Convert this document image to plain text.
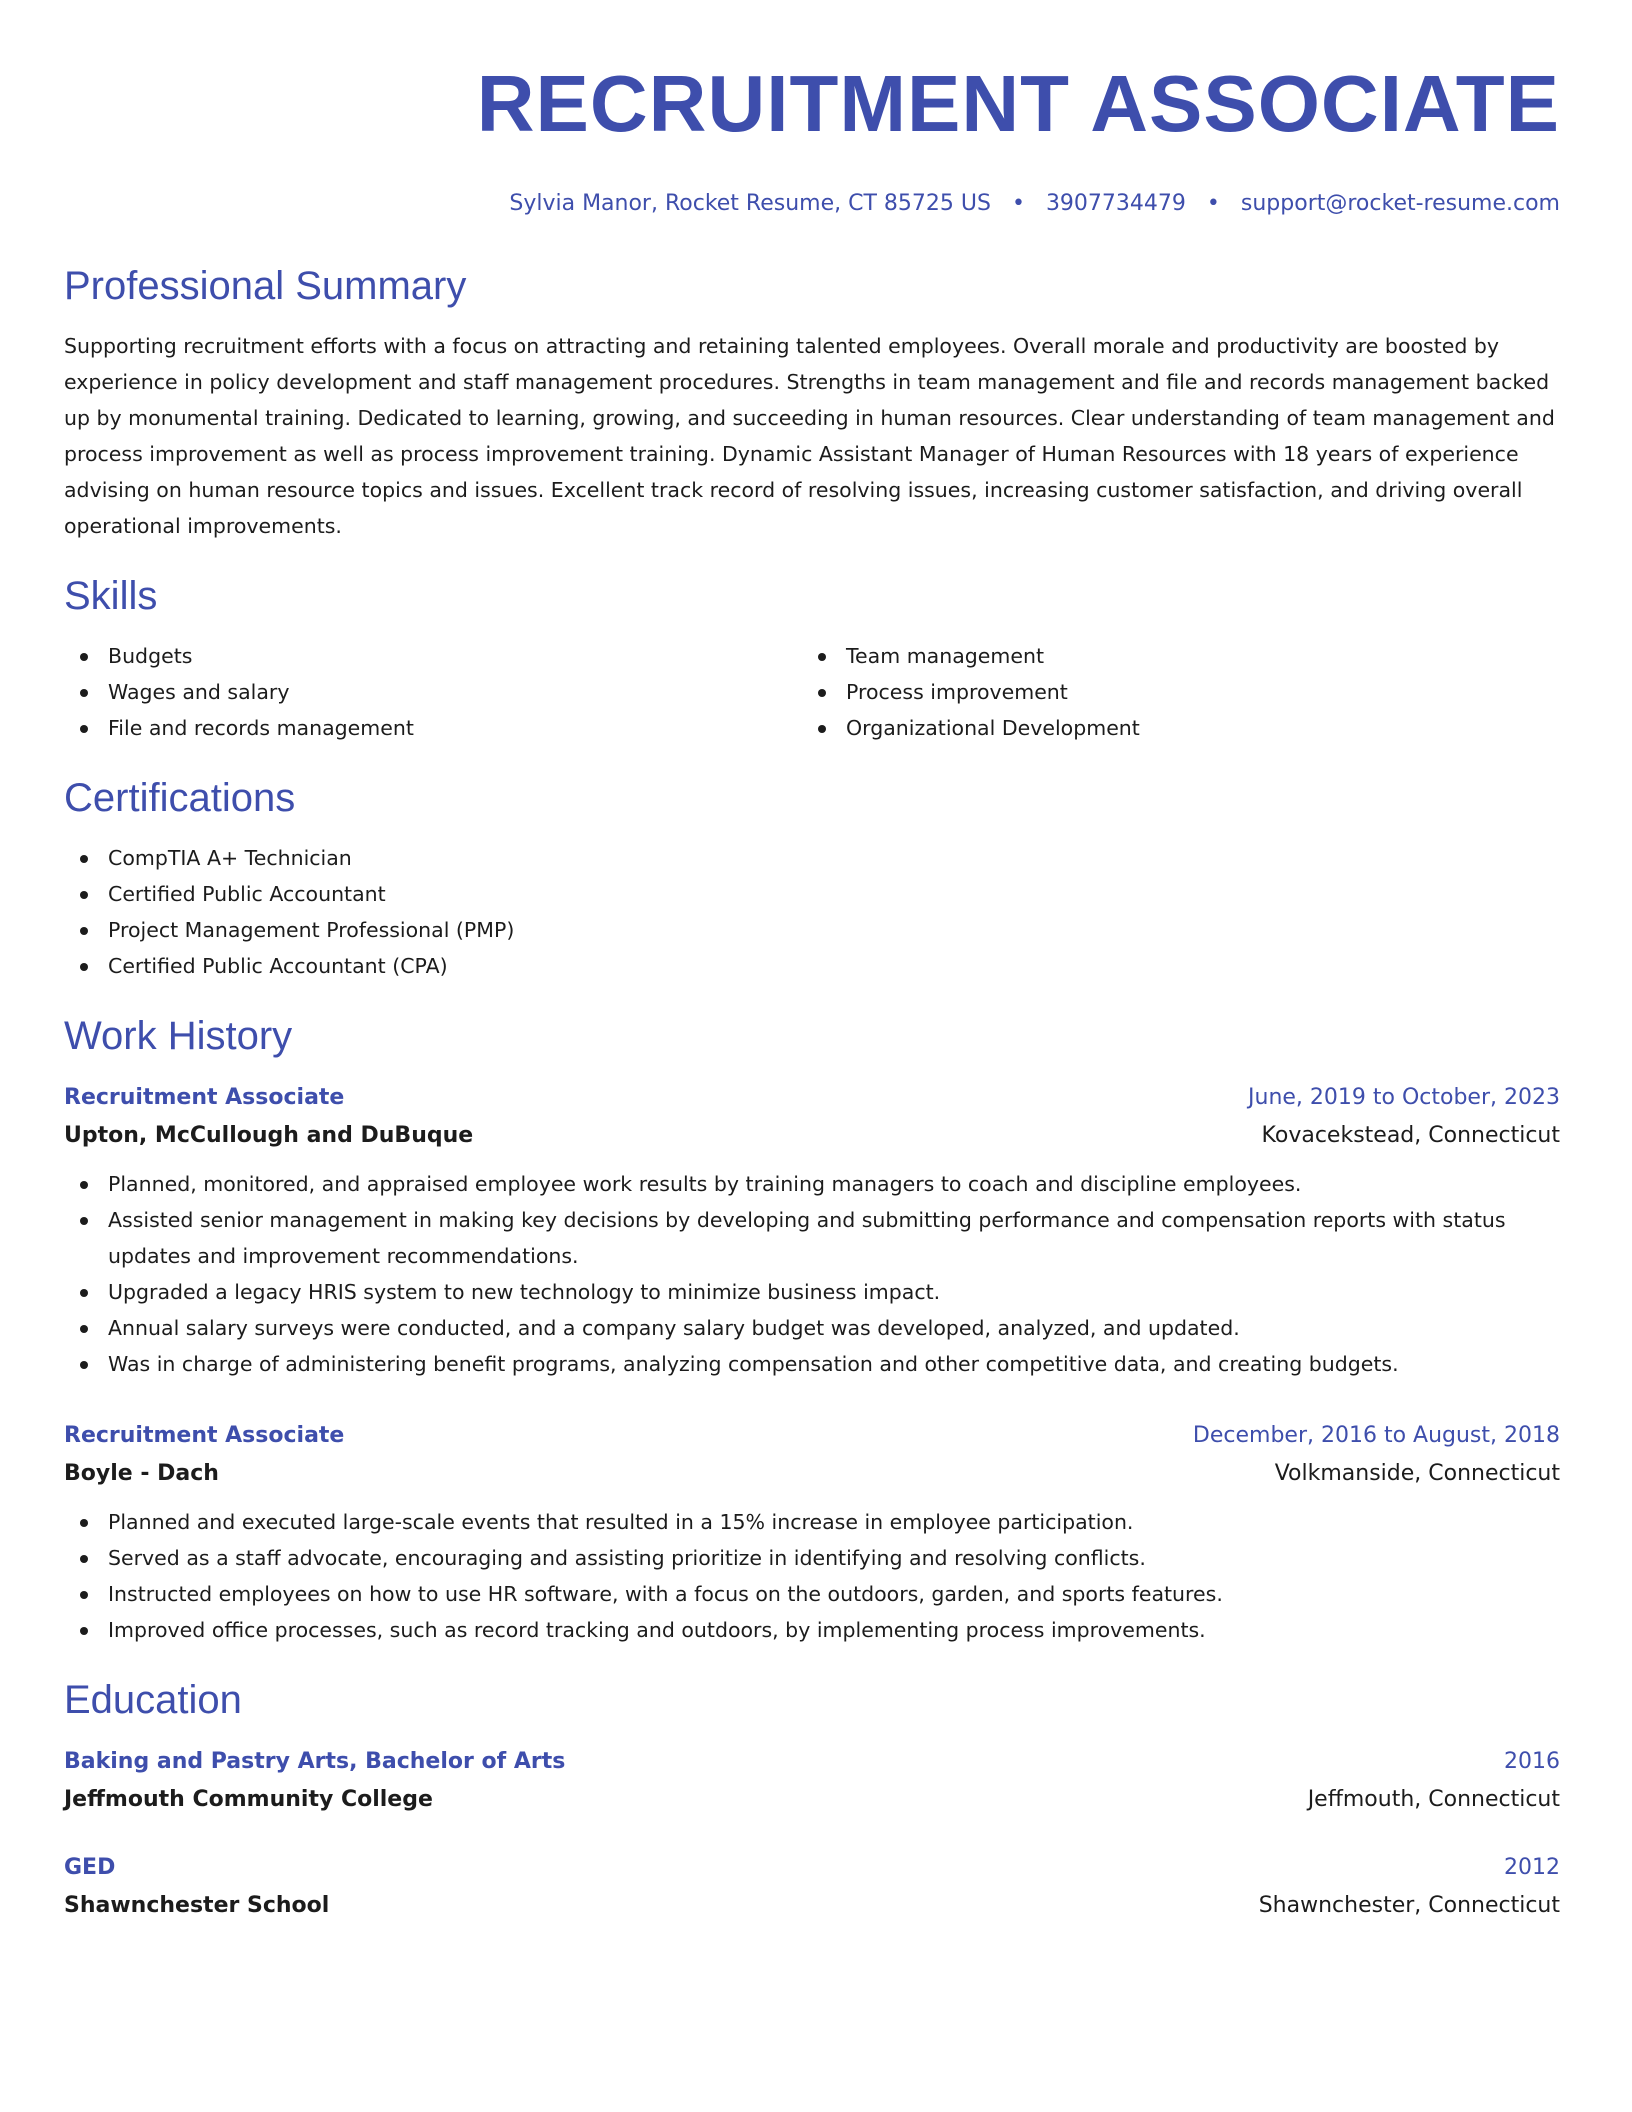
RECRUITMENT ASSOCIATE
Sylvia Manor, Rocket Resume, CT 85725 US • 3907734479 • support@rocket-resume.com
Professional Summary
Supporting recruitment efforts with a focus on attracting and retaining talented employees. Overall morale and productivity are boosted by experience in policy development and staff management procedures. Strengths in team management and file and records management backed up by monumental training. Dedicated to learning, growing, and succeeding in human resources. Clear understanding of team management and process improvement as well as process improvement training. Dynamic Assistant Manager of Human Resources with 18 years of experience advising on human resource topics and issues. Excellent track record of resolving issues, increasing customer satisfaction, and driving overall operational improvements.
Skills
Budgets
Wages and salary
File and records management
Team management
Process improvement
Organizational Development
Certifications
CompTIA A+ Technician
Certified Public Accountant
Project Management Professional (PMP)
Certified Public Accountant (CPA)
Work History
Recruitment Associate	June, 2019 to October, 2023
Upton, McCullough and DuBuque	Kovacekstead, Connecticut
Planned, monitored, and appraised employee work results by training managers to coach and discipline employees.
Assisted senior management in making key decisions by developing and submitting performance and compensation reports with status updates and improvement recommendations.
Upgraded a legacy HRIS system to new technology to minimize business impact.
Annual salary surveys were conducted, and a company salary budget was developed, analyzed, and updated.
Was in charge of administering benefit programs, analyzing compensation and other competitive data, and creating budgets.
Recruitment Associate	December, 2016 to August, 2018
Boyle - Dach	Volkmanside, Connecticut
Planned and executed large-scale events that resulted in a 15% increase in employee participation.
Served as a staff advocate, encouraging and assisting prioritize in identifying and resolving conflicts.
Instructed employees on how to use HR software, with a focus on the outdoors, garden, and sports features.
Improved office processes, such as record tracking and outdoors, by implementing process improvements.
Education
Baking and Pastry Arts, Bachelor of Arts	2016
Jeffmouth Community College	Jeffmouth, Connecticut
GED	2012
Shawnchester School	Shawnchester, Connecticut
